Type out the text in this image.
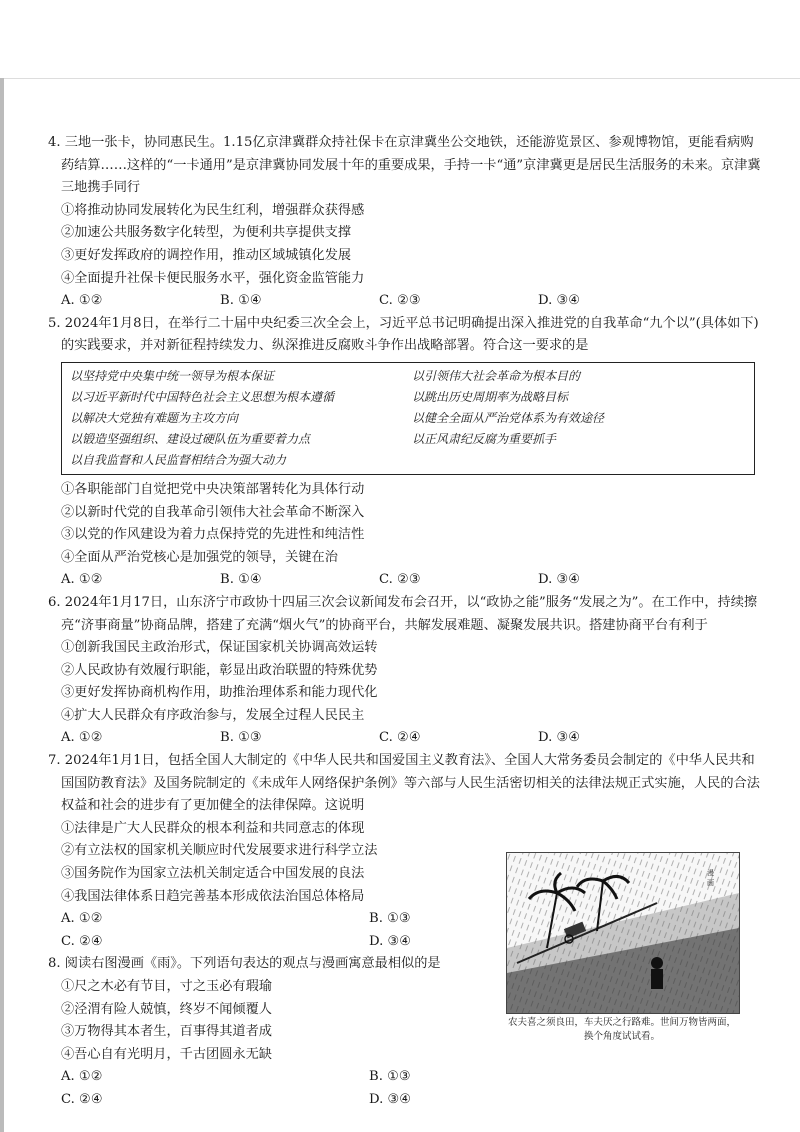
4. 三地一张卡，协同惠民生。1.15亿京津冀群众持社保卡在京津冀坐公交地铁，还能游览景区、参观博物馆，更能看病购药结算……这样的“一卡通用”是京津冀协同发展十年的重要成果，手持一卡“通”京津冀更是居民生活服务的未来。京津冀三地携手同行

①将推动协同发展转化为民生红利，增强群众获得感

②加速公共服务数字化转型，为便利共享提供支撑

③更好发挥政府的调控作用，推动区域城镇化发展

④全面提升社保卡便民服务水平，强化资金监管能力

A. ①②	B. ①④	C. ②③	D. ③④

5. 2024年1月8日，在举行二十届中央纪委三次全会上，习近平总书记明确提出深入推进党的自我革命“九个以”(具体如下)的实践要求，并对新征程持续发力、纵深推进反腐败斗争作出战略部署。符合这一要求的是

以坚持党中央集中统一领导为根本保证	以引领伟大社会革命为根本目的
以习近平新时代中国特色社会主义思想为根本遵循	以跳出历史周期率为战略目标
以解决大党独有难题为主攻方向	以健全全面从严治党体系为有效途径
以锻造坚强组织、建设过硬队伍为重要着力点	以正风肃纪反腐为重要抓手
以自我监督和人民监督相结合为强大动力

①各职能部门自觉把党中央决策部署转化为具体行动

②以新时代党的自我革命引领伟大社会革命不断深入

③以党的作风建设为着力点保持党的先进性和纯洁性

④全面从严治党核心是加强党的领导，关键在治

A. ①②	B. ①④	C. ②③	D. ③④

6. 2024年1月17日，山东济宁市政协十四届三次会议新闻发布会召开，以“政协之能”服务“发展之为”。在工作中，持续擦亮“济事商量”协商品牌，搭建了充满“烟火气”的协商平台，共解发展难题、凝聚发展共识。搭建协商平台有利于

①创新我国民主政治形式，保证国家机关协调高效运转

②人民政协有效履行职能，彰显出政治联盟的特殊优势

③更好发挥协商机构作用，助推治理体系和能力现代化

④扩大人民群众有序政治参与，发展全过程人民民主

A. ①②	B. ①③	C. ②④	D. ③④

7. 2024年1月1日，包括全国人大制定的《中华人民共和国爱国主义教育法》、全国人大常务委员会制定的《中华人民共和国国防教育法》及国务院制定的《未成年人网络保护条例》等六部与人民生活密切相关的法律法规正式实施，人民的合法权益和社会的进步有了更加健全的法律保障。这说明

①法律是广大人民群众的根本利益和共同意志的体现

②有立法权的国家机关顺应时代发展要求进行科学立法

③国务院作为国家立法机关制定适合中国发展的良法

④我国法律体系日趋完善基本形成依法治国总体格局

A. ①②	B. ①③
C. ②④	D. ③④

8. 阅读右图漫画《雨》。下列语句表达的观点与漫画寓意最相似的是

①尺之木必有节目，寸之玉必有瑕瑜

②泾渭有险人兢慎，终岁不闻倾覆人

③万物得其本者生，百事得其道者成

④吾心自有光明月，千古团圆永无缺

A. ①②	B. ①③
C. ②④	D. ③④
漫
画
农夫喜之须良田，车夫厌之行路难。世间万物皆两面，换个角度试试看。
